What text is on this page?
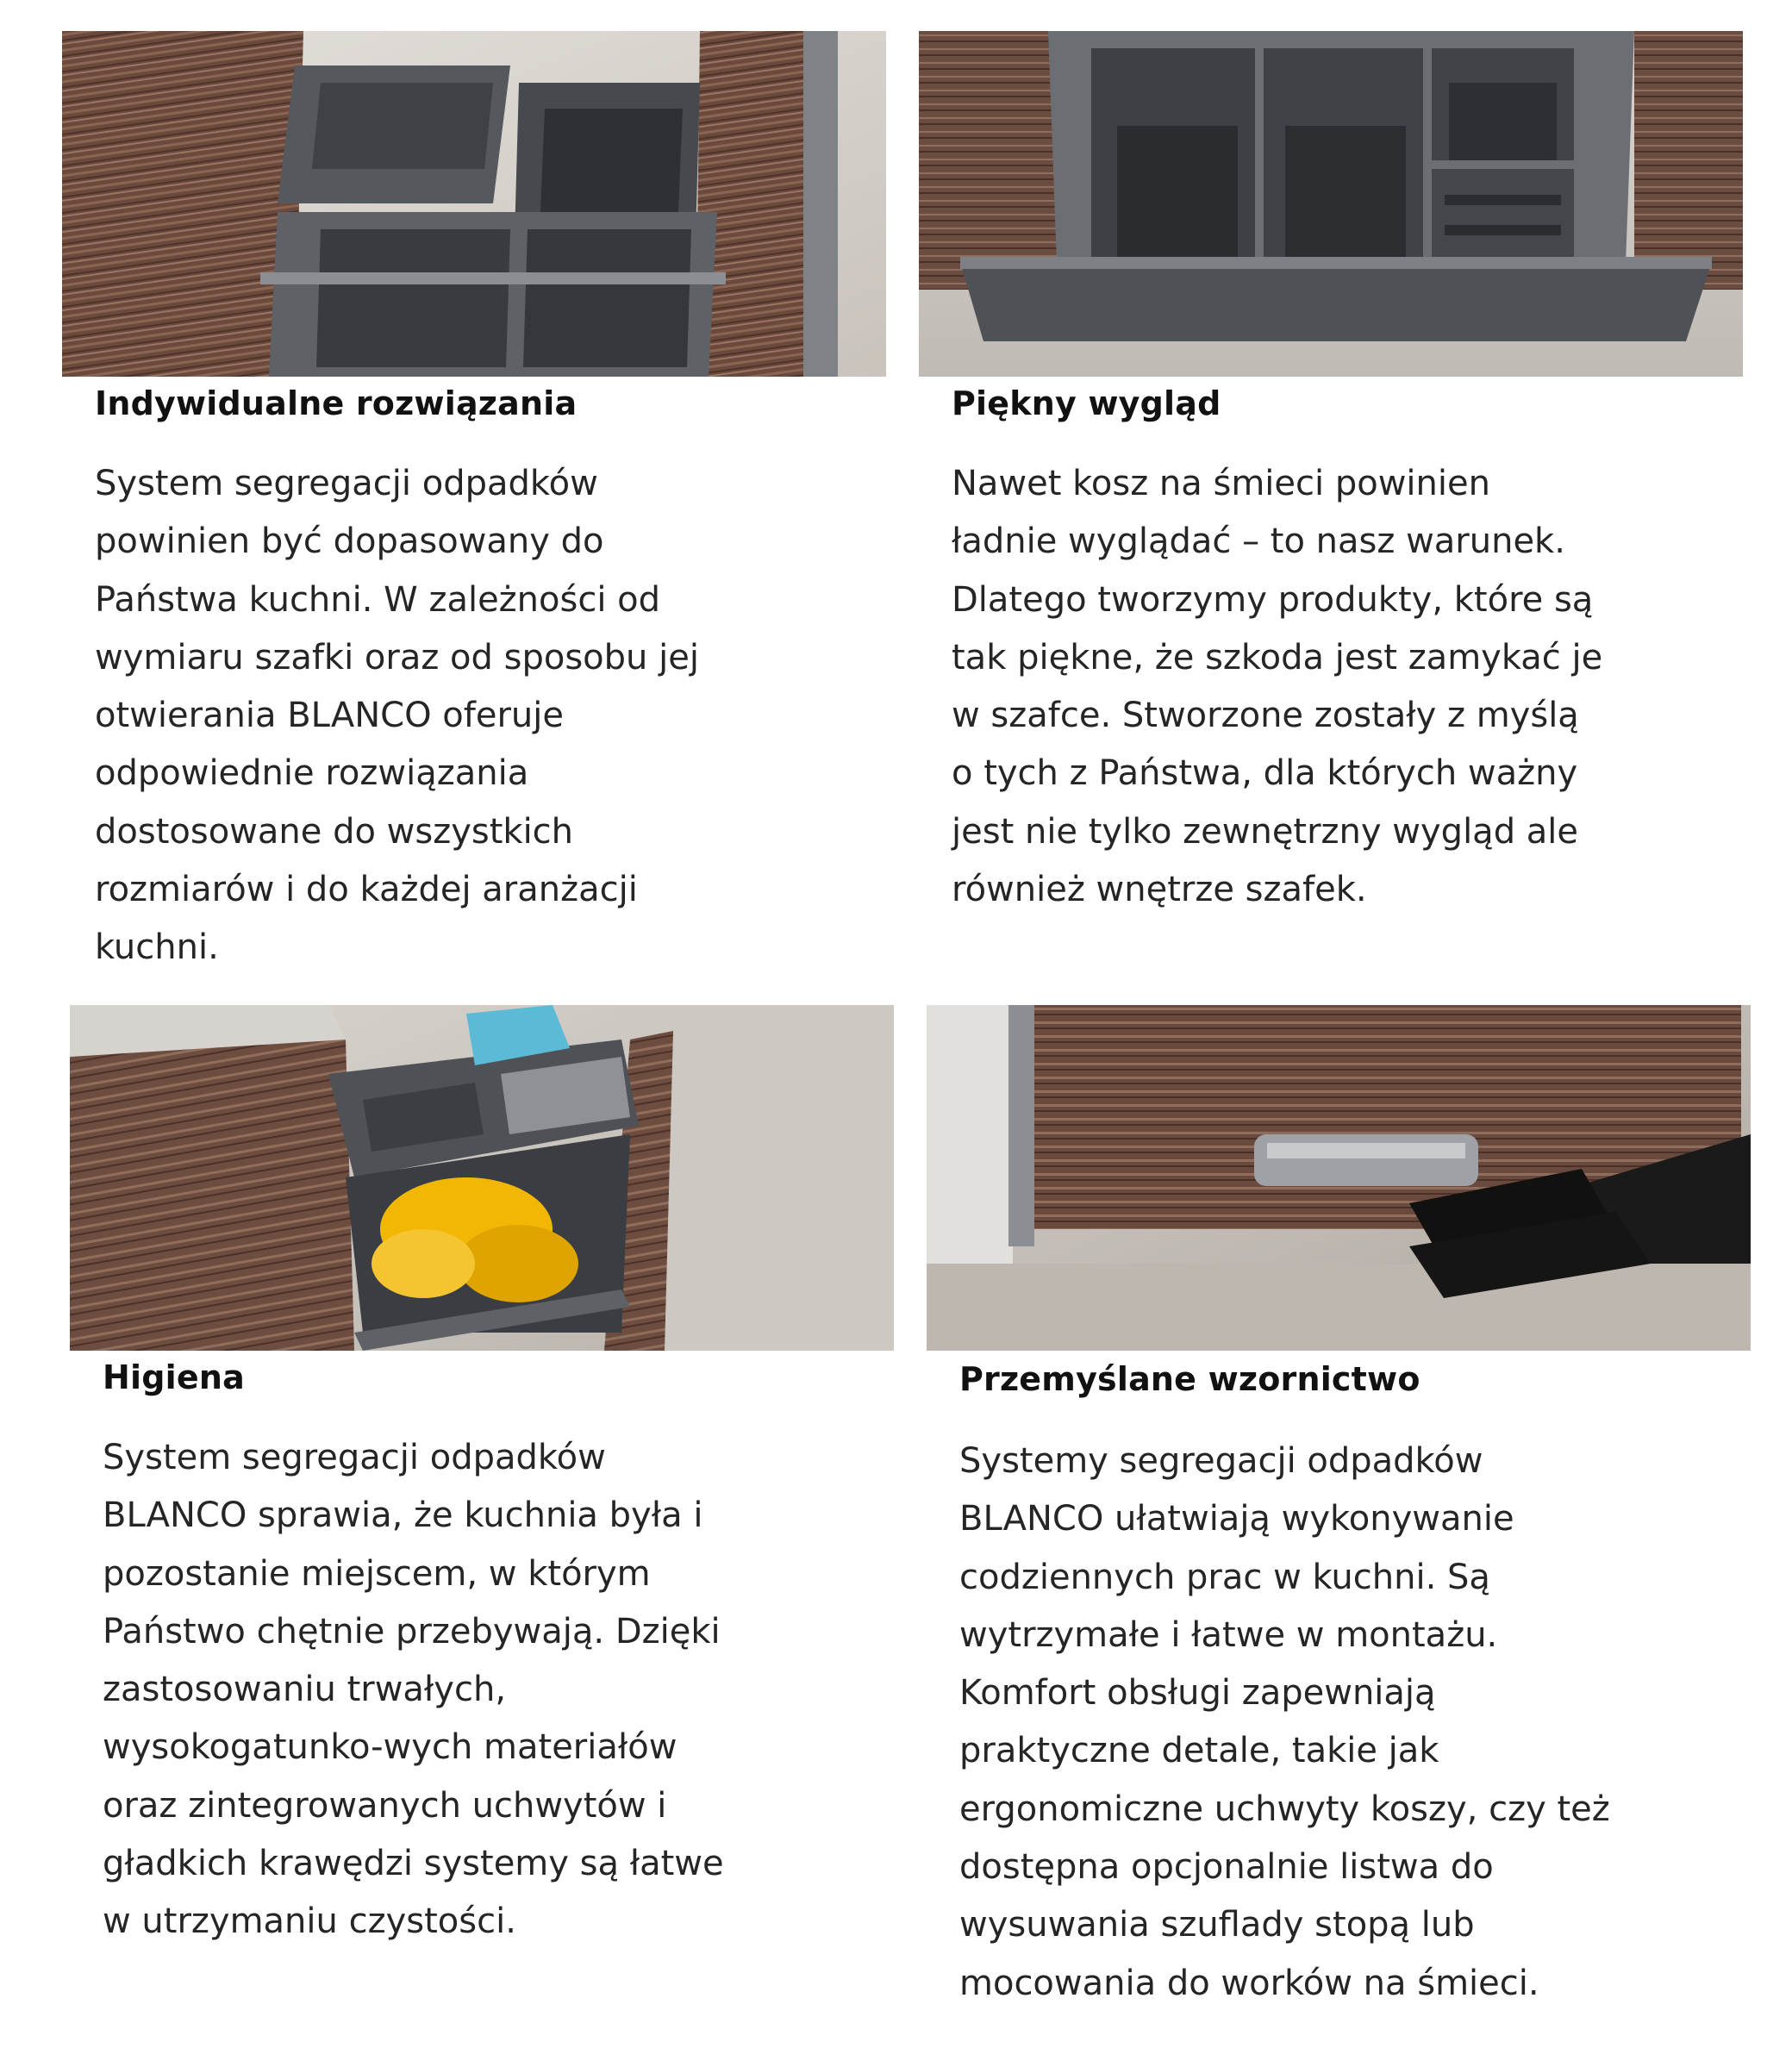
Indywidualne rozwiązania

System segregacji odpadków
powinien być dopasowany do
Państwa kuchni. W zależności od
wymiaru szafki oraz od sposobu jej
otwierania BLANCO oferuje
odpowiednie rozwiązania
dostosowane do wszystkich
rozmiarów i do każdej aranżacji
kuchni.

Piękny wygląd

Nawet kosz na śmieci powinien
ładnie wyglądać – to nasz warunek.
Dlatego tworzymy produkty, które są
tak piękne, że szkoda jest zamykać je
w szafce. Stworzone zostały z myślą
o tych z Państwa, dla których ważny
jest nie tylko zewnętrzny wygląd ale
również wnętrze szafek.

Higiena

System segregacji odpadków
BLANCO sprawia, że kuchnia była i
pozostanie miejscem, w którym
Państwo chętnie przebywają. Dzięki
zastosowaniu trwałych,
wysokogatunko-wych materiałów
oraz zintegrowanych uchwytów i
gładkich krawędzi systemy są łatwe
w utrzymaniu czystości.

Przemyślane wzornictwo

Systemy segregacji odpadków
BLANCO ułatwiają wykonywanie
codziennych prac w kuchni. Są
wytrzymałe i łatwe w montażu.
Komfort obsługi zapewniają
praktyczne detale, takie jak
ergonomiczne uchwyty koszy, czy też
dostępna opcjonalnie listwa do
wysuwania szuflady stopą lub
mocowania do worków na śmieci.
